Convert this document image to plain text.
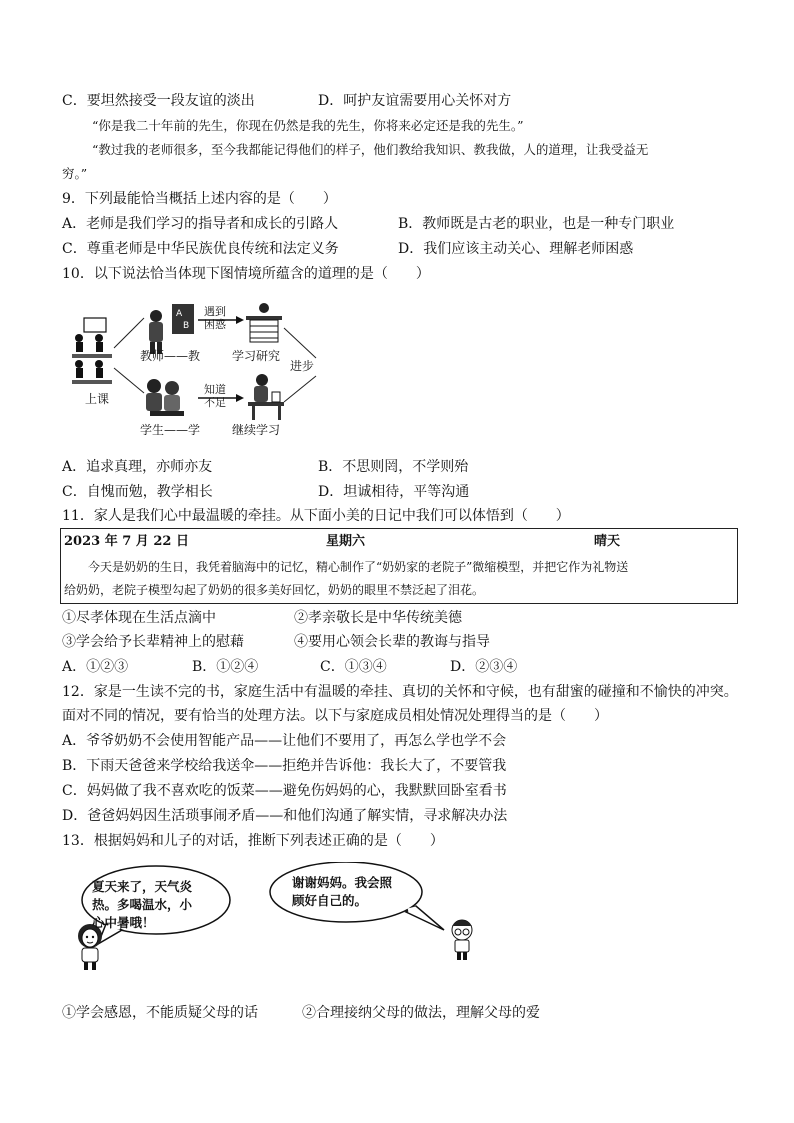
C．要坦然接受一段友谊的淡出	D．呵护友谊需要用心关怀对方
“你是我二十年前的先生，你现在仍然是我的先生，你将来必定还是我的先生。”
“教过我的老师很多，至今我都能记得他们的样子，他们教给我知识、教我做，人的道理，让我受益无
穷。”
9．下列最能恰当概括上述内容的是（　　）
A．老师是我们学习的指导者和成长的引路人	B．教师既是古老的职业，也是一种专门职业
C．尊重老师是中华民族优良传统和法定义务	D．我们应该主动关心、理解老师困惑
10．以下说法恰当体现下图情境所蕴含的道理的是（　　）
A
B
上课
教师——教
学生——学
遇到
困惑
知道
不足
学习研究
继续学习
进步
A．追求真理，亦师亦友	B．不思则罔，不学则殆
C．自愧而勉，教学相长	D．坦诚相待，平等沟通
11．家人是我们心中最温暖的牵挂。从下面小美的日记中我们可以体悟到（　　）
2023 年 7 月 22 日	星期六	晴天
今天是奶奶的生日，我凭着脑海中的记忆，精心制作了“奶奶家的老院子”微缩模型，并把它作为礼物送
给奶奶，老院子模型勾起了奶奶的很多美好回忆，奶奶的眼里不禁泛起了泪花。
①尽孝体现在生活点滴中	②孝亲敬长是中华传统美德
③学会给予长辈精神上的慰藉	④要用心领会长辈的教诲与指导
A．①②③	B．①②④	C．①③④	D．②③④
12．家是一生读不完的书，家庭生活中有温暖的牵挂、真切的关怀和守候，也有甜蜜的碰撞和不愉快的冲突。
面对不同的情况，要有恰当的处理方法。以下与家庭成员相处情况处理得当的是（　　）
A．爷爷奶奶不会使用智能产品——让他们不要用了，再怎么学也学不会
B．下雨天爸爸来学校给我送伞——拒绝并告诉他：我长大了，不要管我
C．妈妈做了我不喜欢吃的饭菜——避免伤妈妈的心，我默默回卧室看书
D．爸爸妈妈因生活琐事闹矛盾——和他们沟通了解实情，寻求解决办法
13．根据妈妈和儿子的对话，推断下列表述正确的是（　　）
夏天来了，天气炎
热。多喝温水，小
心中暑哦！
谢谢妈妈。我会照
顾好自己的。
①学会感恩，不能质疑父母的话	②合理接纳父母的做法，理解父母的爱
